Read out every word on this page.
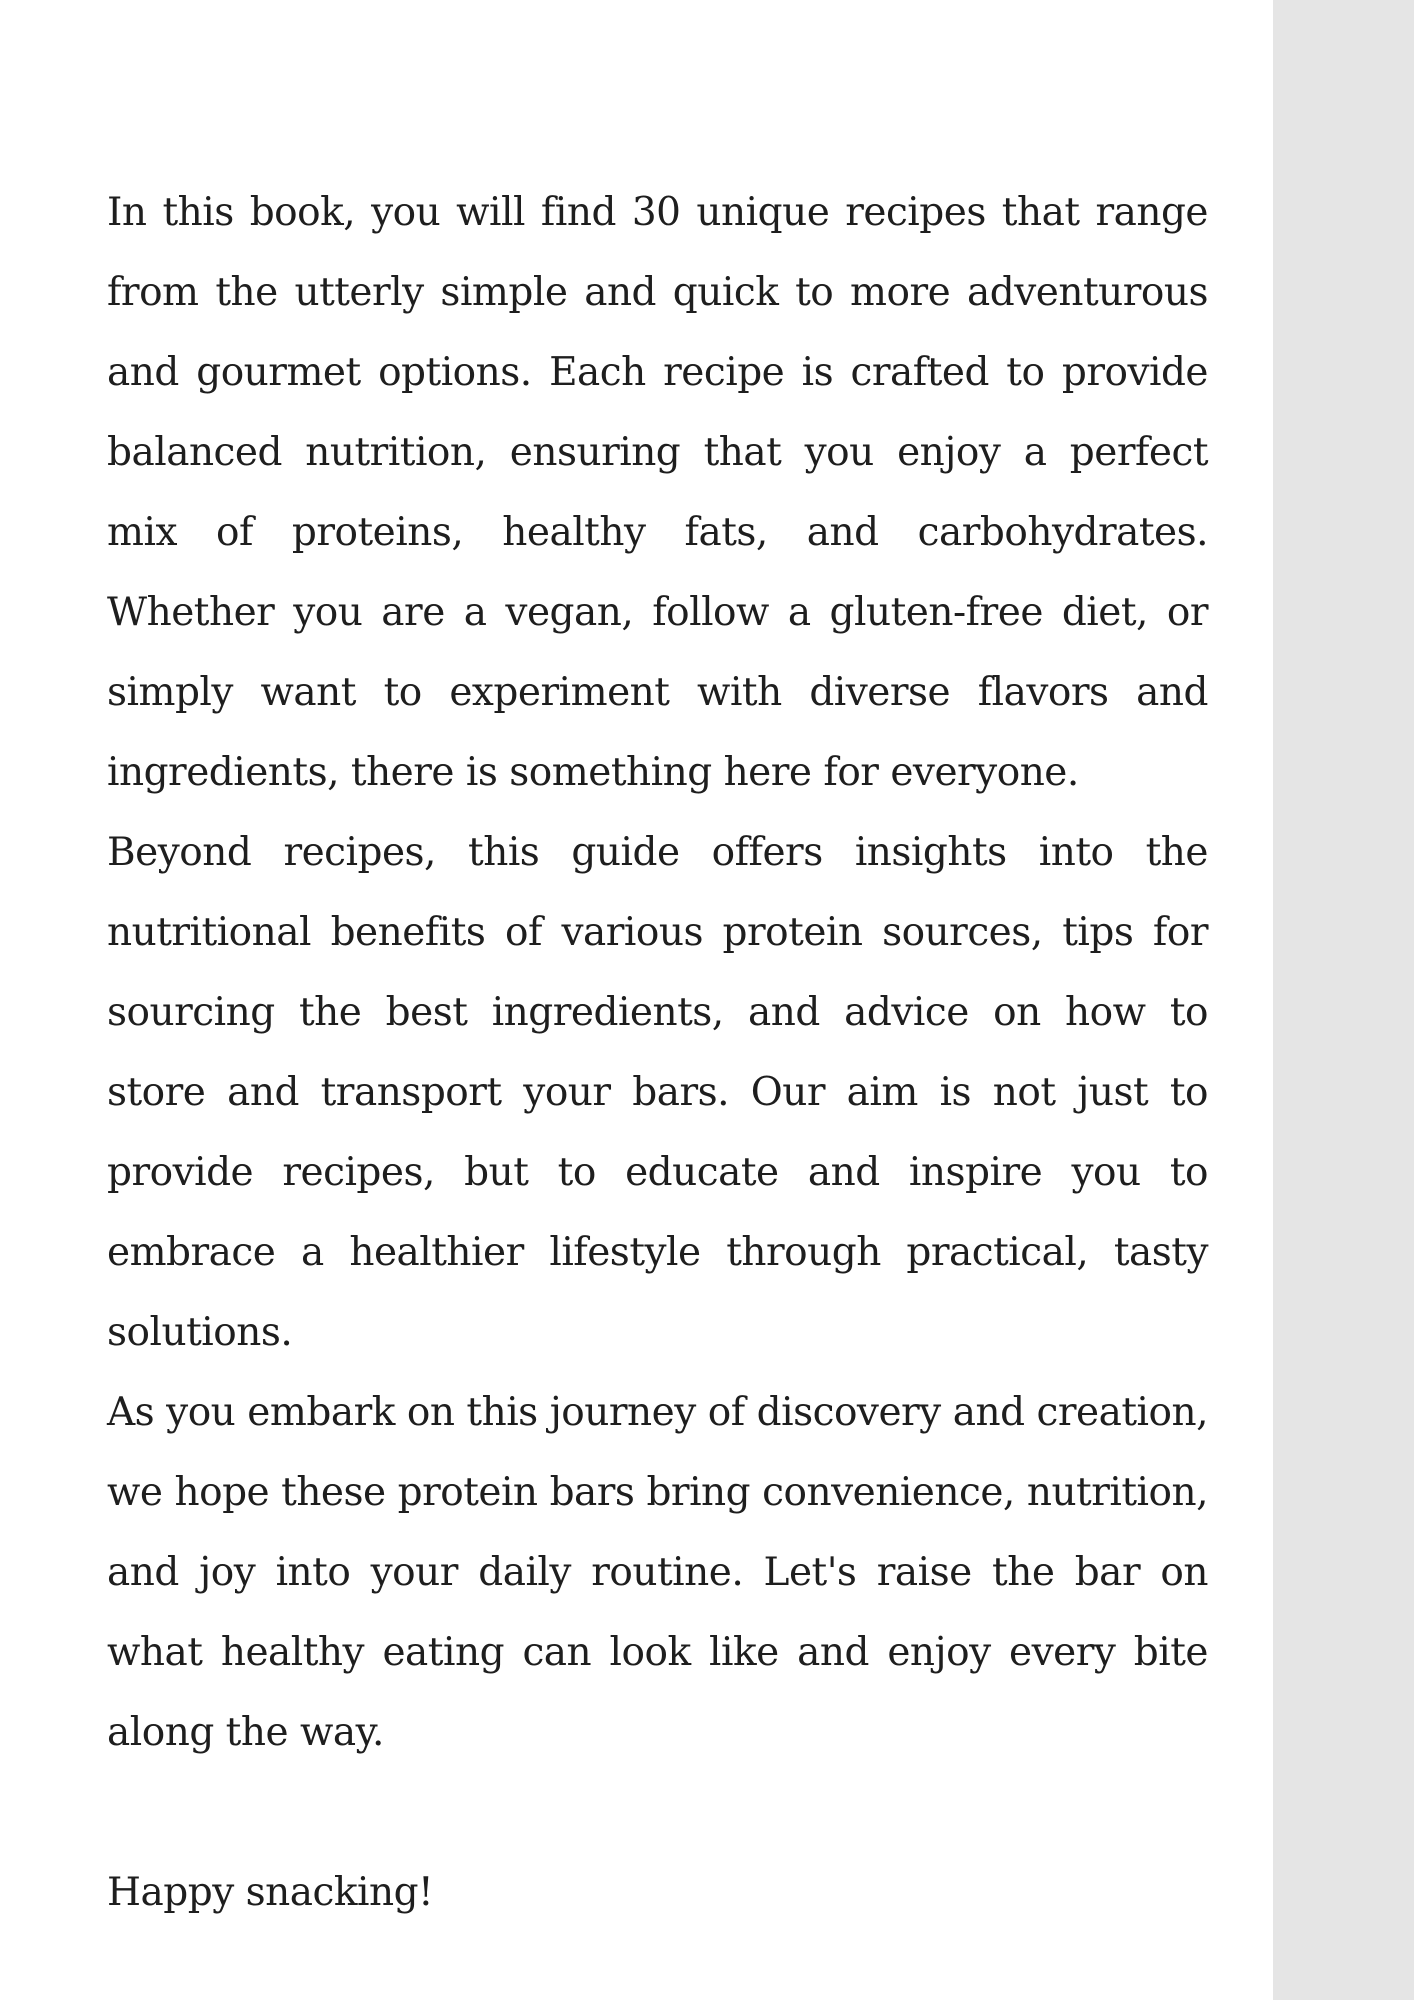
In this book, you will find 30 unique recipes that range from the utterly simple and quick to more adventurous and gourmet options. Each recipe is crafted to provide balanced nutrition, ensuring that you enjoy a perfect mix of proteins, healthy fats, and carbohydrates. Whether you are a vegan, follow a gluten-free diet, or simply want to experiment with diverse flavors and ingredients, there is something here for everyone.

Beyond recipes, this guide offers insights into the nutritional benefits of various protein sources, tips for sourcing the best ingredients, and advice on how to store and transport your bars. Our aim is not just to provide recipes, but to educate and inspire you to embrace a healthier lifestyle through practical, tasty solutions.

As you embark on this journey of discovery and creation, we hope these protein bars bring convenience, nutrition, and joy into your daily routine. Let's raise the bar on what healthy eating can look like and enjoy every bite along the way.

Happy snacking!
